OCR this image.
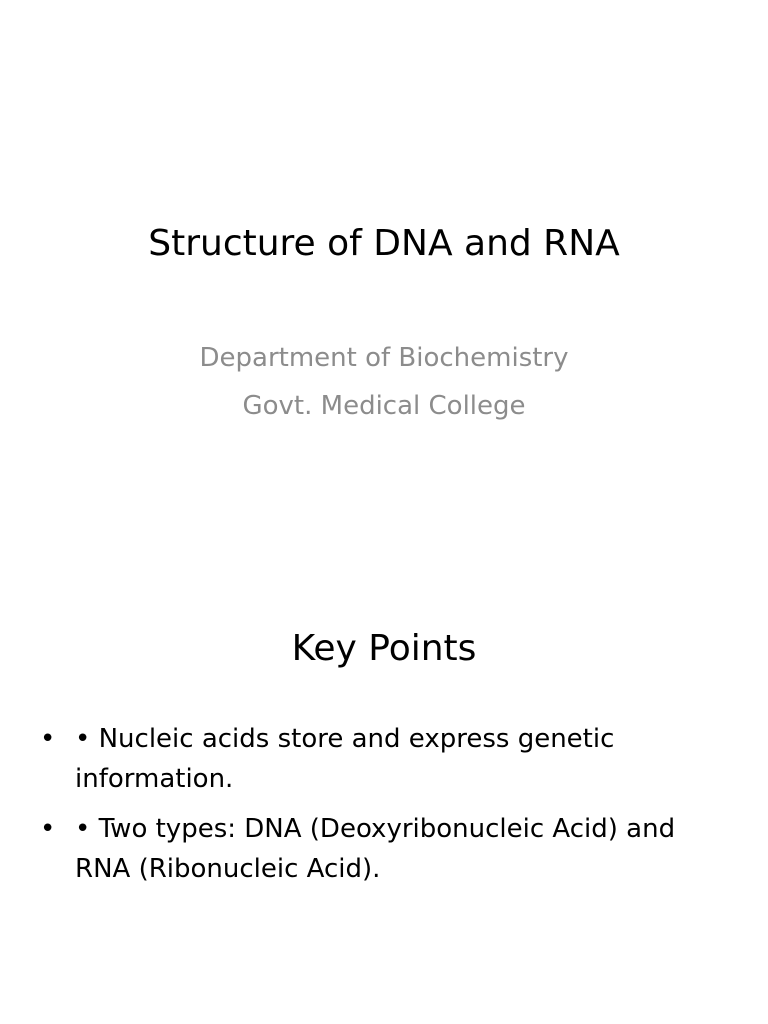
Structure of DNA and RNA
Department of Biochemistry
Govt. Medical College
Key Points
• • Nucleic acids store and express genetic information.
• • Two types: DNA (Deoxyribonucleic Acid) and RNA (Ribonucleic Acid).
